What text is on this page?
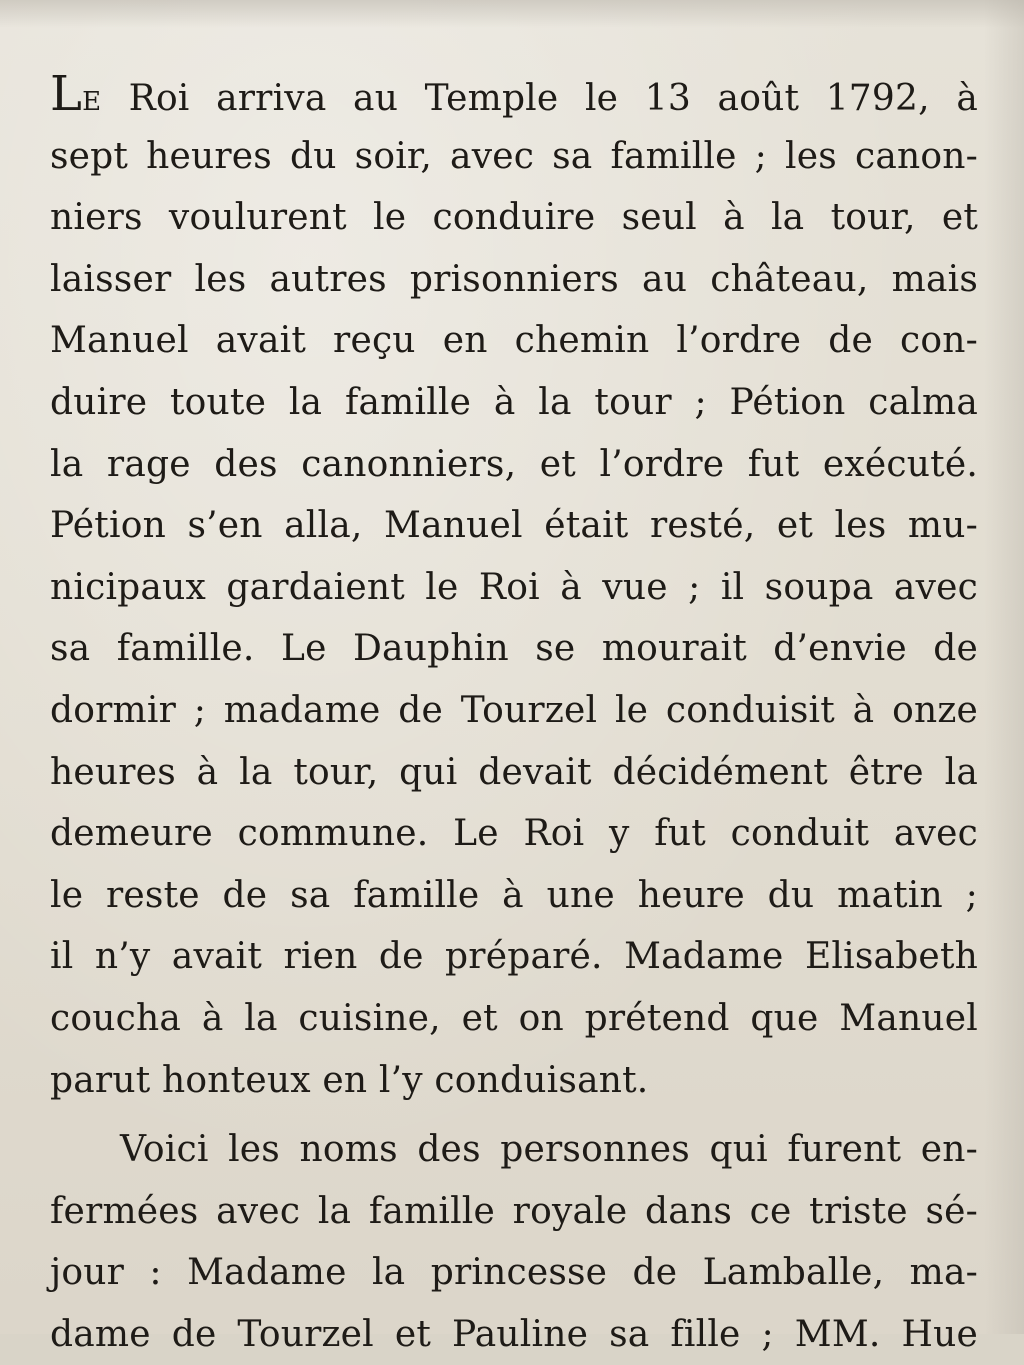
LE Roi arriva au Temple le 13 août 1792, à
sept heures du soir, avec sa famille ; les canon-
niers voulurent le conduire seul à la tour, et
laisser les autres prisonniers au château, mais
Manuel avait reçu en chemin l’ordre de con-
duire toute la famille à la tour ; Pétion calma
la rage des canonniers, et l’ordre fut exécuté.
Pétion s’en alla, Manuel était resté, et les mu-
nicipaux gardaient le Roi à vue ; il soupa avec
sa famille. Le Dauphin se mourait d’envie de
dormir ; madame de Tourzel le conduisit à onze
heures à la tour, qui devait décidément être la
demeure commune. Le Roi y fut conduit avec
le reste de sa famille à une heure du matin ;
il n’y avait rien de préparé. Madame Elisabeth
coucha à la cuisine, et on prétend que Manuel
parut honteux en l’y conduisant.
Voici les noms des personnes qui furent en-
fermées avec la famille royale dans ce triste sé-
jour : Madame la princesse de Lamballe, ma-
dame de Tourzel et Pauline sa fille ; MM. Hue
